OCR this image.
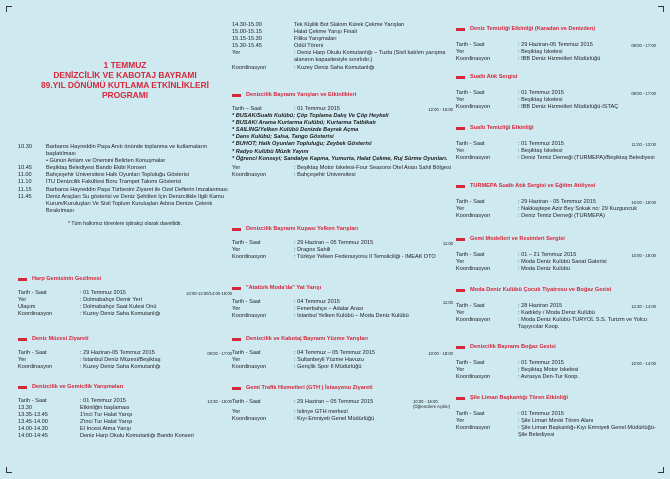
1 TEMMUZ
DENİZCİLİK VE KABOTAJ BAYRAMI
89.YIL DÖNÜMÜ KUTLAMA ETKİNLİKLERİ
PROGRAMI
10.30	Barbaros Hayreddin Paşa Anıtı önünde toplanma ve kutlamaların başlatılması
• Günün Anlam ve Önemini Belirten Konuşmalar
10.45	Beşiktaş Belediyesi Bando Ekibi Konseri
11.00	Bahçeşehir Üniversitesi Halk Oyunları Topluluğu Gösterisi
11.10	İTÜ Denizcilik Fakültesi Boru Trampet Takımı Gösterisi
11.15	Barbaros Hayreddin Paşa Türbesini Ziyaret ile Özel Defterin İmzalanması
11.45	Deniz Araçları Su gösterisi ve Deniz Şehitleri İçin Denizcilikle İlgili Kamu Kurum/Kuruluşları Ve Sivil Toplum Kuruluşları Adına Denize Çelenk Bırakılması
* Tüm halkımız törenlere iştirakçi olarak davetlidir.
Harp Gemisinin Gezilmesi
Tarih - Saat	: 01 Temmuz 2015	10:00-12:00/14:00-18:00
Yer	: Dolmabahçe Demir Yeri
Ulaşım	: Dolmabahçe Saat Kulesi Önü
Koordinasyon	: Kuzey Deniz Saha Komutanlığı
Deniz Müzesi Ziyareti
Tarih - Saat	: 29 Haziran-05 Temmuz 2015	09:00 - 17:00
Yer	: İstanbul Deniz Müzesi/Beşiktaş
Koordinasyon	: Kuzey Deniz Saha Komutanlığı
Denizcilik ve Gemicilik Yarışmaları
Tarih - Saat	: 01 Temmuz 2015	13:30 - 16:00
13.30	Etkinliğin başlaması
13.35-13.45	1'inci Tur Halat Yarışı
13.45-14.00	2'inci Tur Halat Yarışı
14.00-14.30	El İncesi Atma Yarışı
14:00-14:45	Deniz Harp Okulu Komutanlığı Bando Konseri
14.30-15.00	Tek Kişilik Bot Slalom Kürek Çekme Yarışları
15.00-15.15	Halat Çekme Yarışı Finali
15.15-15.30	Filika Yarışmaları
15.30-15.45	Ödül Töreni
Yer	: Deniz Harp Okulu Komutanlığı – Tuzla (Sivil katılım yarışma alanının kapasitesiyle sınırlıdır.)
Koordinasyon	: Kuzey Deniz Saha Komutanlığı
Denizcilik Bayramı Yarışları ve Etkinlikleri
Tarih – Saat	: 01 Temmuz 2015	12:00 - 16:00
* BUSAK/Sualtı Kulübü; Çöp Toplama Dalış Ve Çöp Heykeli
* BUSAK/ Arama Kurtarma Kulübü; Kurtarma Tatbikatı
* SAILING/Yelken Kulübü Denizde Bayrak Açma
* Dans Kulübü; Salsa, Tango Gösterisi
* BUHOT; Halk Oyunları Topluluğu; Zeybek Gösterisi
* Radyo Kulübü Müzik Yayını
* Öğrenci Konseyi; Sandalye Kapma, Yumurta, Halat Çekme, Ruj Sürme Oyunları.
Yer	: Beşiktaş Motor İskelesi-Four Seasons Otel Arası Sahil Bölgesi
Koordinasyon	: Bahçeşehir Üniversitesi
Denizcilik Bayramı Kupası Yelken Yarışları
Tarih - Saat	: 29 Haziran – 05 Temmuz 2015	11:00
Yer	: Dragos Sahili
Koordinasyon	: Türkiye Yelken Federasyonu İl Temsilciliği - İMEAK DTO
"Atatürk Moda'da" Yat Yarışı
Tarih - Saat	: 04 Temmuz 2015	11:00
Yer	: Fenerbahçe – Adalar Arası
Koordinasyon	: İstanbul Yelken Kulübü – Moda Deniz Kulübü
Denizcilik ve Kabotaj Bayramı Yüzme Yarışları
Tarih - Saat	: 04 Temmuz – 05 Temmuz 2015	10:00 - 18:00
Yer	: Sultanbeyli Yüzme Havuzu
Koordinasyon	: Gençlik Spor İl Müdürlüğü
Gemi Trafik Hizmetleri (GTH ) İstasyonu Ziyareti
Tarih - Saat	: 29 Haziran – 05 Temmuz 2015	10:00 - 16:00 (Öğrencilere Açıktır)
Yer	: İstinye GTH merkezi
Koordinasyon	: Kıyı Emniyeti Genel Müdürlüğü
Deniz Temizliği Etkinliği (Karadan ve Denizden)
Tarih - Saat	: 29 Haziran-05 Temmuz 2015	08:00 - 17:00
Yer	: Beşiktaş İskelesi
Koordinasyon	: İBB Deniz Hizmetleri Müdürlüğü
Sualtı Atık Sergisi
Tarih - Saat	: 01 Temmuz 2015	08:00 - 17:00
Yer	: Beşiktaş İskelesi
Koordinasyon	: İBB Deniz Hizmetleri Müdürlüğü-İSTAÇ
Sualtı Temizliği Etkinliği
Tarih - Saat	: 01 Temmuz 2015	11:00 - 13:00
Yer	: Beşiktaş İskelesi
Koordinasyon	: Deniz Temiz Derneği (TURMEPA)/Beşiktaş Belediyesi
TURMEPA Sualtı Atık Sergisi ve Eğitim Atölyesi
Tarih - Saat	: 29 Haziran - 05 Temmuz 2015	10:00 - 16:00
Yer	: Nakkaştepe Aziz Bey Sokak no: 29 Kuzguncuk
Koordinasyon	: Deniz Temiz Derneği (TURMEPA)
Gemi Modelleri ve Resimleri Sergisi
Tarih - Saat	: 01 – 21 Temmuz 2015	10:00 - 18:00
Yer	: Moda Deniz Kulübü Sanat Galerisi
Koordinasyon	: Moda Deniz Kulübü
Moda Deniz Kulübü Çocuk Tiyatrosu ve Boğaz Gezisi
Tarih - Saat	: 28 Haziran 2015	12:30 - 14:00
Yer	: Kadıköy / Moda Deniz Kulübü
Koordinasyon	: Moda Deniz Kulübü-TURYOL S.S. Turizm ve Yolcu Taşıyıcılar Koop.
Denizcilik Bayramı Boğaz Gezisi
Tarih - Saat	: 01 Temmuz 2015	10:00 - 14:00
Yer	: Beşiktaş Motor İskelesi
Koordinasyon	: Avrasya Den-Tur Koop.
Şile Liman Başkanlığı Tören Etkinliği
Tarih - Saat	: 01 Temmuz 2015
Yer	: Şile Liman Mevki Tören Alanı
Koordinasyon	: Şile Liman Başkanlığı-Kıyı Emniyeti Genel Müdürlüğü-Şile Belediyesi
